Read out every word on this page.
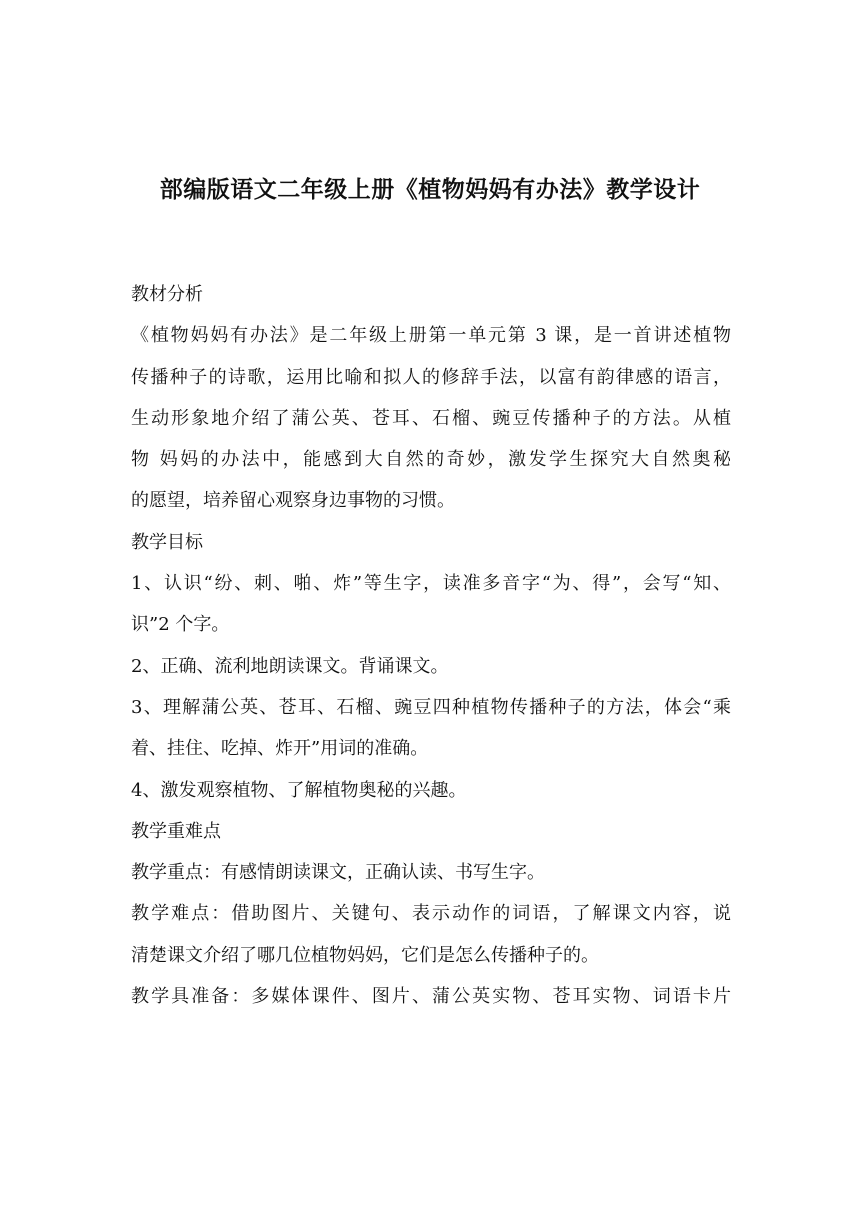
部编版语文二年级上册《植物妈妈有办法》教学设计
教材分析
《植物妈妈有办法》是二年级上册第一单元第 3 课，是一首讲述植物
传播种子的诗歌，运用比喻和拟人的修辞手法，以富有韵律感的语言，
生动形象地介绍了蒲公英、苍耳、石榴、豌豆传播种子的方法。从植
物 妈妈的办法中，能感到大自然的奇妙，激发学生探究大自然奥秘
的愿望，培养留心观察身边事物的习惯。
教学目标
1、认识“纷、刺、啪、炸”等生字，读准多音字“为、得”，会写“知、
识”2 个字。
2、正确、流利地朗读课文。背诵课文。
3、理解蒲公英、苍耳、石榴、豌豆四种植物传播种子的方法，体会“乘
着、挂住、吃掉、炸开”用词的准确。
4、激发观察植物、了解植物奥秘的兴趣。
教学重难点
教学重点：有感情朗读课文，正确认读、书写生字。
教学难点：借助图片、关键句、表示动作的词语，了解课文内容，说
清楚课文介绍了哪几位植物妈妈，它们是怎么传播种子的。
教学具准备：多媒体课件、图片、蒲公英实物、苍耳实物、词语卡片
